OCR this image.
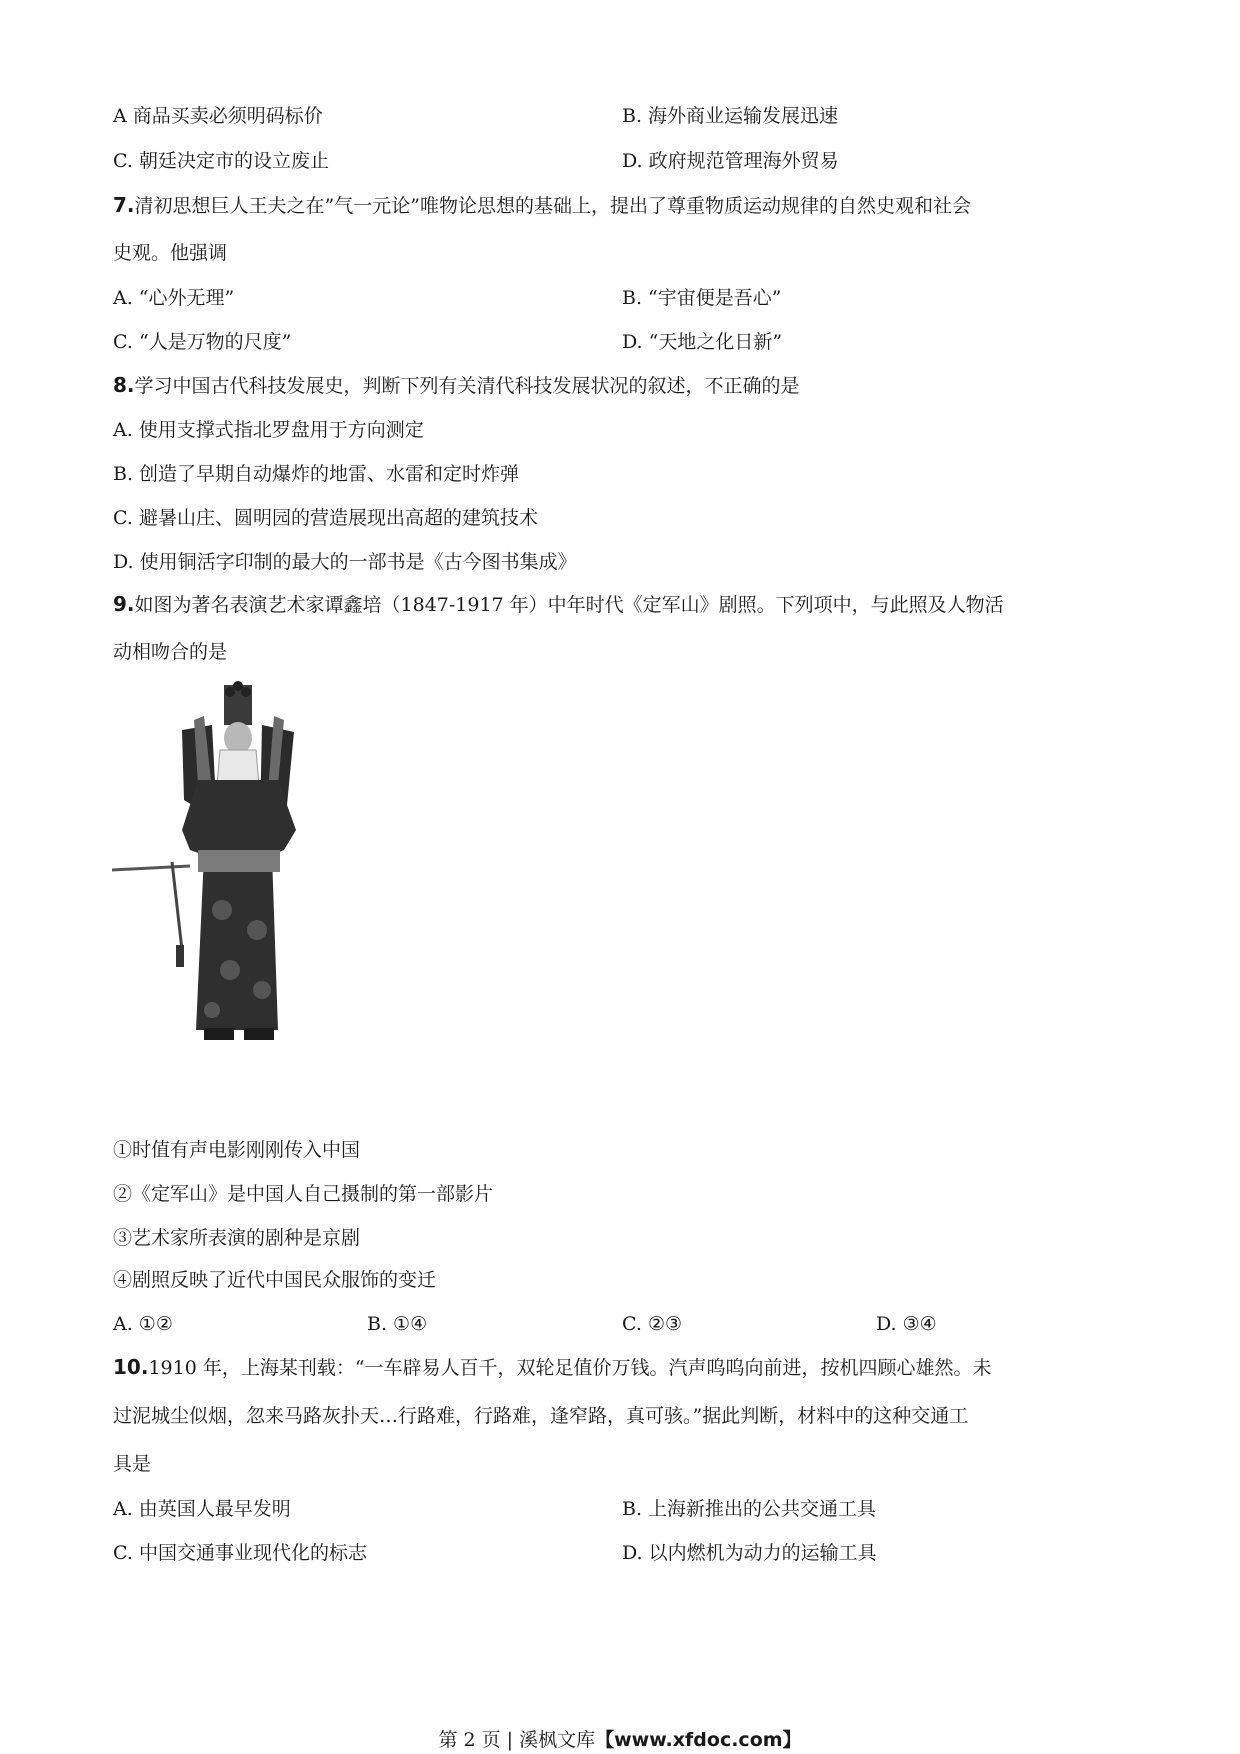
A 商品买卖必须明码标价	B. 海外商业运输发展迅速
C. 朝廷决定市的设立废止	D. 政府规范管理海外贸易
7.清初思想巨人王夫之在”气一元论”唯物论思想的基础上，提出了尊重物质运动规律的自然史观和社会
史观。他强调
A. “心外无理”	B. “宇宙便是吾心”
C. “人是万物的尺度”	D. “天地之化日新”
8.学习中国古代科技发展史，判断下列有关清代科技发展状况的叙述，不正确的是
A. 使用支撑式指北罗盘用于方向测定
B. 创造了早期自动爆炸的地雷、水雷和定时炸弹
C. 避暑山庄、圆明园的营造展现出高超的建筑技术
D. 使用铜活字印制的最大的一部书是《古今图书集成》
9.如图为著名表演艺术家谭鑫培（1847-1917 年）中年时代《定军山》剧照。下列项中，与此照及人物活
动相吻合的是
①时值有声电影刚刚传入中国
②《定军山》是中国人自己摄制的第一部影片
③艺术家所表演的剧种是京剧
④剧照反映了近代中国民众服饰的变迁
A. ①②	B. ①④	C. ②③	D. ③④
10.1910 年，上海某刊载：“一车辟易人百千，双轮足值价万钱。汽声呜呜向前进，按机四顾心雄然。未
过泥城尘似烟，忽来马路灰扑天…行路难，行路难，逢窄路，真可骇。”据此判断，材料中的这种交通工
具是
A. 由英国人最早发明	B. 上海新推出的公共交通工具
C. 中国交通事业现代化的标志	D. 以内燃机为动力的运输工具
第 2 页 | 溪枫文库【www.xfdoc.com】
